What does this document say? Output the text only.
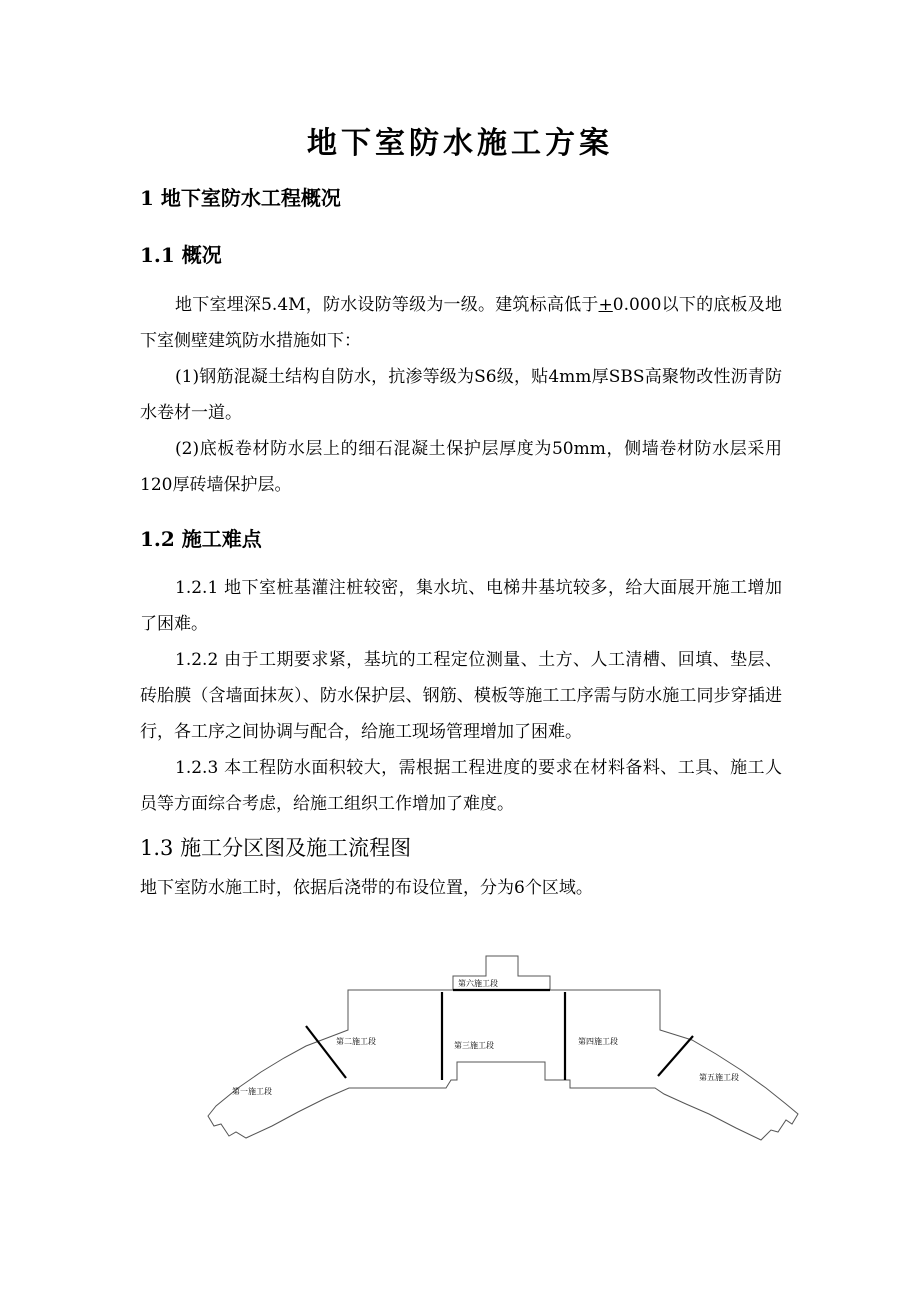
地下室防水施工方案
1 地下室防水工程概况
1.1 概况

地下室埋深5.4M，防水设防等级为一级。建筑标高低于+0.000以下的底板及地下室侧壁建筑防水措施如下：

(1)钢筋混凝土结构自防水，抗渗等级为S6级，贴4mm厚SBS高聚物改性沥青防水卷材一道。

(2)底板卷材防水层上的细石混凝土保护层厚度为50mm，侧墙卷材防水层采用120厚砖墙保护层。

1.2 施工难点

1.2.1 地下室桩基灌注桩较密，集水坑、电梯井基坑较多，给大面展开施工增加了困难。

1.2.2 由于工期要求紧，基坑的工程定位测量、土方、人工清槽、回填、垫层、砖胎膜（含墙面抹灰）、防水保护层、钢筋、模板等施工工序需与防水施工同步穿插进行，各工序之间协调与配合，给施工现场管理增加了困难。

1.2.3 本工程防水面积较大，需根据工程进度的要求在材料备料、工具、施工人员等方面综合考虑，给施工组织工作增加了难度。

1.3 施工分区图及施工流程图

地下室防水施工时，依据后浇带的布设位置，分为6个区域。

第一施工段
第二施工段	第三施工段	第四施工段
第五施工段
第六施工段
